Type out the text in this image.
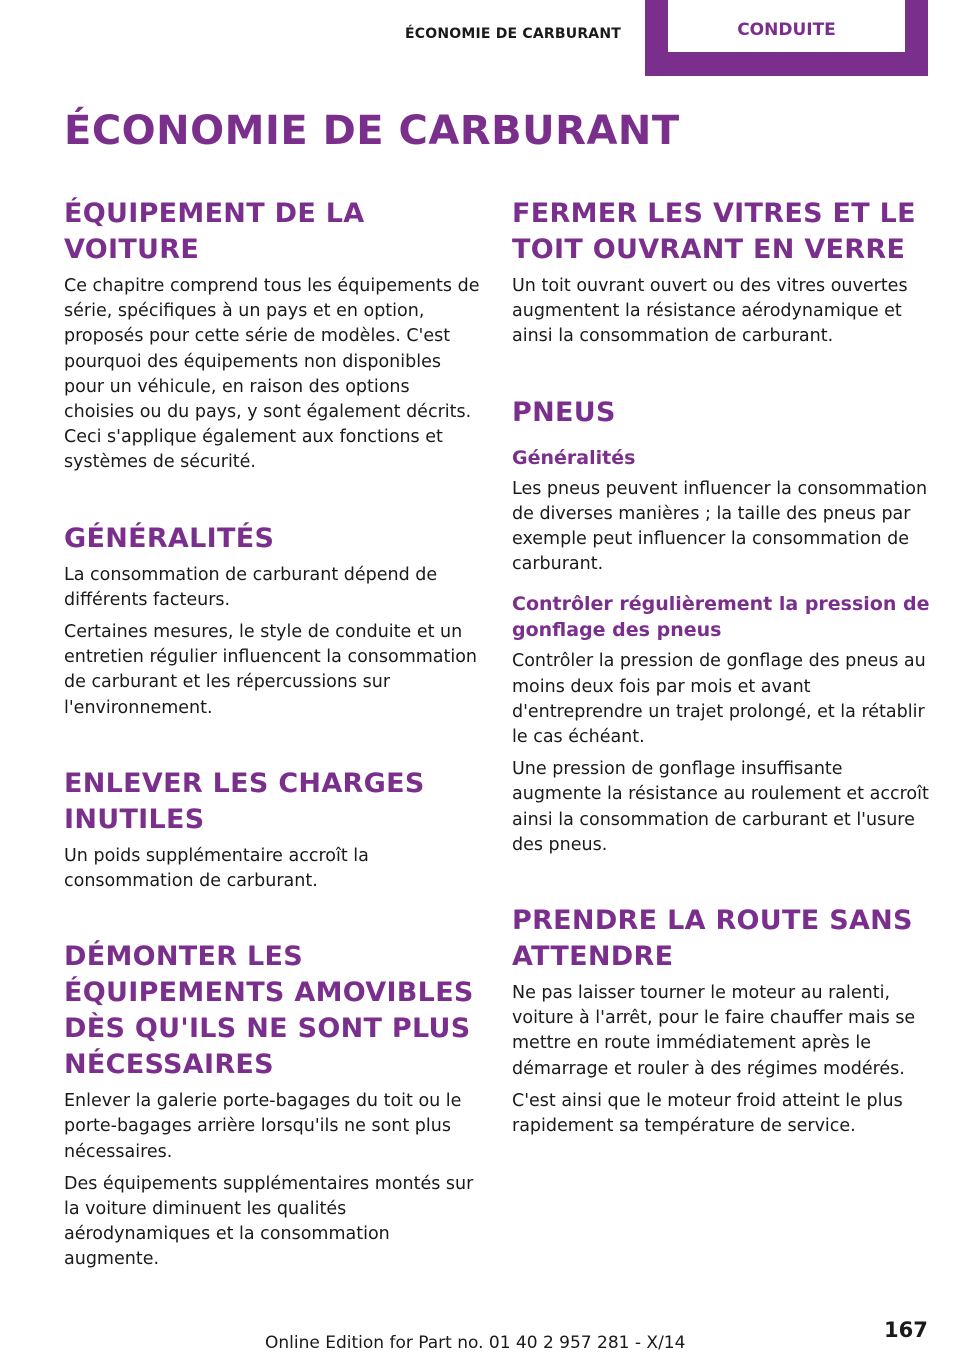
ÉCONOMIE DE CARBURANT	CONDUITE
ÉCONOMIE DE CARBURANT
ÉQUIPEMENT DE LA VOITURE

Ce chapitre comprend tous les équipements de série, spécifiques à un pays et en option, proposés pour cette série de modèles. C'est pourquoi des équipements non disponibles pour un véhicule, en raison des options choisies ou du pays, y sont également décrits. Ceci s'applique également aux fonctions et systèmes de sécurité.

GÉNÉRALITÉS

La consommation de carburant dépend de différents facteurs.

Certaines mesures, le style de conduite et un entretien régulier influencent la consommation de carburant et les répercussions sur l'environnement.

ENLEVER LES CHARGES INUTILES

Un poids supplémentaire accroît la consommation de carburant.

DÉMONTER LES ÉQUIPEMENTS AMOVIBLES DÈS QU'ILS NE SONT PLUS NÉCESSAIRES

Enlever la galerie porte-bagages du toit ou le porte-bagages arrière lorsqu'ils ne sont plus nécessaires.

Des équipements supplémentaires montés sur la voiture diminuent les qualités aérodynamiques et la consommation augmente.

FERMER LES VITRES ET LE TOIT OUVRANT EN VERRE

Un toit ouvrant ouvert ou des vitres ouvertes augmentent la résistance aérodynamique et ainsi la consommation de carburant.

PNEUS
Généralités

Les pneus peuvent influencer la consommation de diverses manières ; la taille des pneus par exemple peut influencer la consommation de carburant.

Contrôler régulièrement la pression de gonflage des pneus

Contrôler la pression de gonflage des pneus au moins deux fois par mois et avant d'entreprendre un trajet prolongé, et la rétablir le cas échéant.

Une pression de gonflage insuffisante augmente la résistance au roulement et accroît ainsi la consommation de carburant et l'usure des pneus.

PRENDRE LA ROUTE SANS ATTENDRE

Ne pas laisser tourner le moteur au ralenti, voiture à l'arrêt, pour le faire chauffer mais se mettre en route immédiatement après le démarrage et rouler à des régimes modérés.

C'est ainsi que le moteur froid atteint le plus rapidement sa température de service.

Online Edition for Part no. 01 40 2 957 281 - X/14
167
